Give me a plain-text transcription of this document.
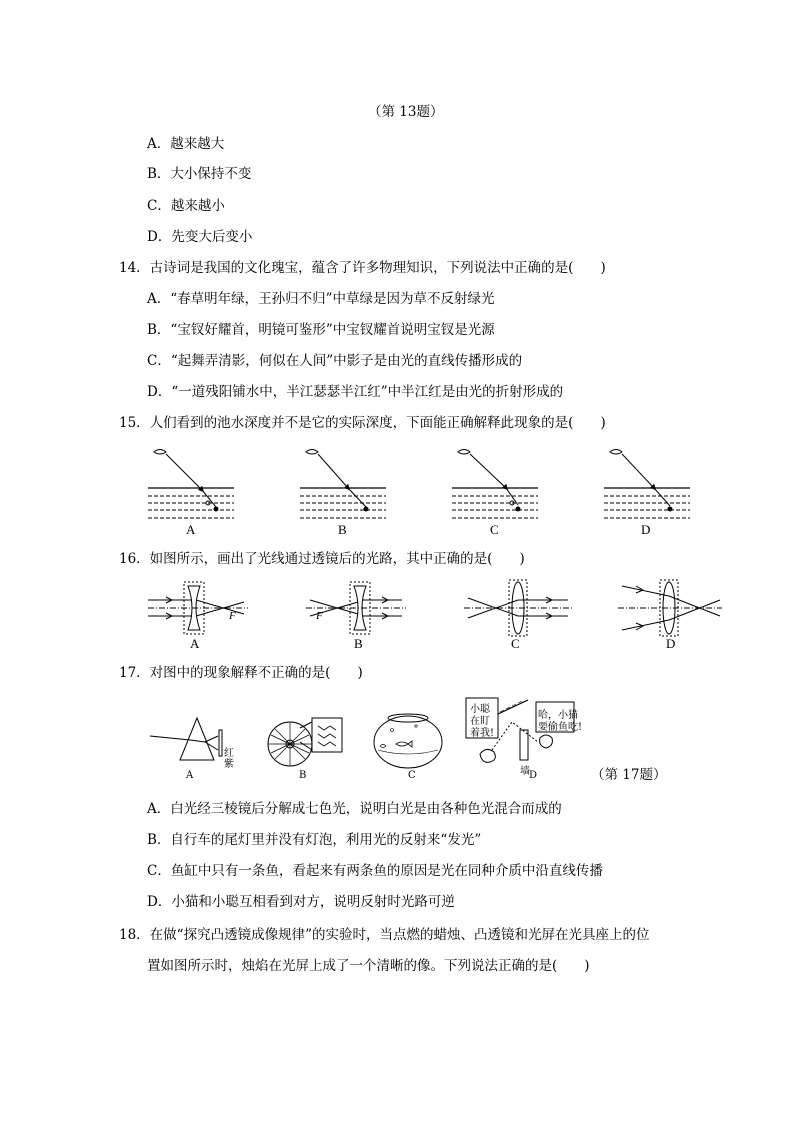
（第 13题）
A．越来越大
B．大小保持不变
C．越来越小
D．先变大后变小
14．古诗词是我国的文化瑰宝，蕴含了许多物理知识，下列说法中正确的是(　　)
A．“春草明年绿，王孙归不归”中草绿是因为草不反射绿光
B．“宝钗好耀首，明镜可鉴形”中宝钗耀首说明宝钗是光源
C．“起舞弄清影，何似在人间”中影子是由光的直线传播形成的
D．“一道残阳铺水中，半江瑟瑟半江红”中半江红是由光的折射形成的
15．人们看到的池水深度并不是它的实际深度，下面能正确解释此现象的是(　　)
A	B	C	D
16．如图所示，画出了光线通过透镜后的光路，其中正确的是(　　)
F	F
A	B	C	D
17．对图中的现象解释不正确的是(　　)
红
紫
小聪
在盯
着我!
哈，小猫
要偷鱼吃!
墙
A	B	C	D	（第 17题）
A．白光经三棱镜后分解成七色光，说明白光是由各种色光混合而成的
B．自行车的尾灯里并没有灯泡，利用光的反射来“发光”
C．鱼缸中只有一条鱼，看起来有两条鱼的原因是光在同种介质中沿直线传播
D．小猫和小聪互相看到对方，说明反射时光路可逆
18．在做“探究凸透镜成像规律”的实验时，当点燃的蜡烛、凸透镜和光屏在光具座上的位
置如图所示时，烛焰在光屏上成了一个清晰的像。下列说法正确的是(　　)
